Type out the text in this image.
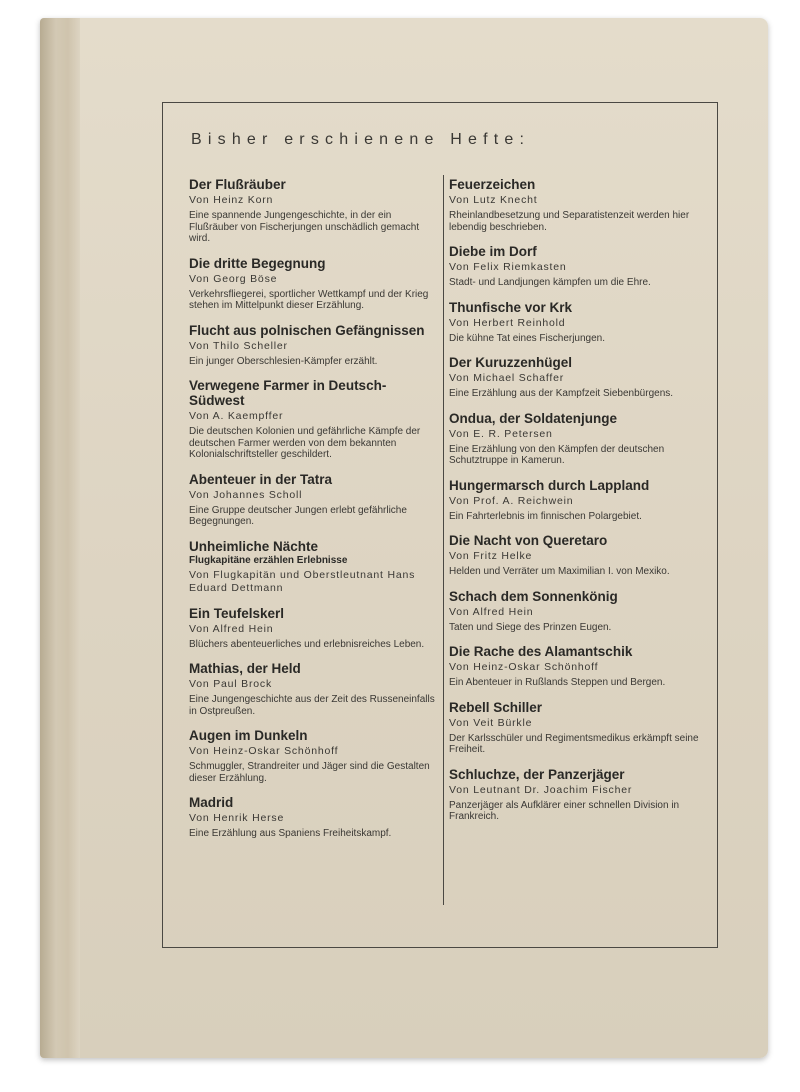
Bisher erschienene Hefte:
Der Flußräuber
Von Heinz Korn
Eine spannende Jungengeschichte, in der ein Flußräuber von Fischerjungen unschädlich gemacht wird.
Die dritte Begegnung
Von Georg Böse
Verkehrsfliegerei, sportlicher Wettkampf und der Krieg stehen im Mittelpunkt dieser Erzählung.
Flucht aus polnischen Gefängnissen
Von Thilo Scheller
Ein junger Oberschlesien-Kämpfer erzählt.
Verwegene Farmer in Deutsch-Südwest
Von A. Kaempffer
Die deutschen Kolonien und gefährliche Kämpfe der deutschen Farmer werden von dem bekannten Kolonialschriftsteller geschildert.
Abenteuer in der Tatra
Von Johannes Scholl
Eine Gruppe deutscher Jungen erlebt gefährliche Begegnungen.
Unheimliche Nächte
Flugkapitäne erzählen Erlebnisse
Von Flugkapitän und Oberstleutnant Hans Eduard Dettmann
Ein Teufelskerl
Von Alfred Hein
Blüchers abenteuerliches und erlebnisreiches Leben.
Mathias, der Held
Von Paul Brock
Eine Jungengeschichte aus der Zeit des Russeneinfalls in Ostpreußen.
Augen im Dunkeln
Von Heinz-Oskar Schönhoff
Schmuggler, Strandreiter und Jäger sind die Gestalten dieser Erzählung.
Madrid
Von Henrik Herse
Eine Erzählung aus Spaniens Freiheitskampf.
Feuerzeichen
Von Lutz Knecht
Rheinlandbesetzung und Separatistenzeit werden hier lebendig beschrieben.
Diebe im Dorf
Von Felix Riemkasten
Stadt- und Landjungen kämpfen um die Ehre.
Thunfische vor Krk
Von Herbert Reinhold
Die kühne Tat eines Fischerjungen.
Der Kuruzzenhügel
Von Michael Schaffer
Eine Erzählung aus der Kampfzeit Siebenbürgens.
Ondua, der Soldatenjunge
Von E. R. Petersen
Eine Erzählung von den Kämpfen der deutschen Schutztruppe in Kamerun.
Hungermarsch durch Lappland
Von Prof. A. Reichwein
Ein Fahrterlebnis im finnischen Polargebiet.
Die Nacht von Queretaro
Von Fritz Helke
Helden und Verräter um Maximilian I. von Mexiko.
Schach dem Sonnenkönig
Von Alfred Hein
Taten und Siege des Prinzen Eugen.
Die Rache des Alamantschik
Von Heinz-Oskar Schönhoff
Ein Abenteuer in Rußlands Steppen und Bergen.
Rebell Schiller
Von Veit Bürkle
Der Karlsschüler und Regimentsmedikus erkämpft seine Freiheit.
Schluchze, der Panzerjäger
Von Leutnant Dr. Joachim Fischer
Panzerjäger als Aufklärer einer schnellen Division in Frankreich.
